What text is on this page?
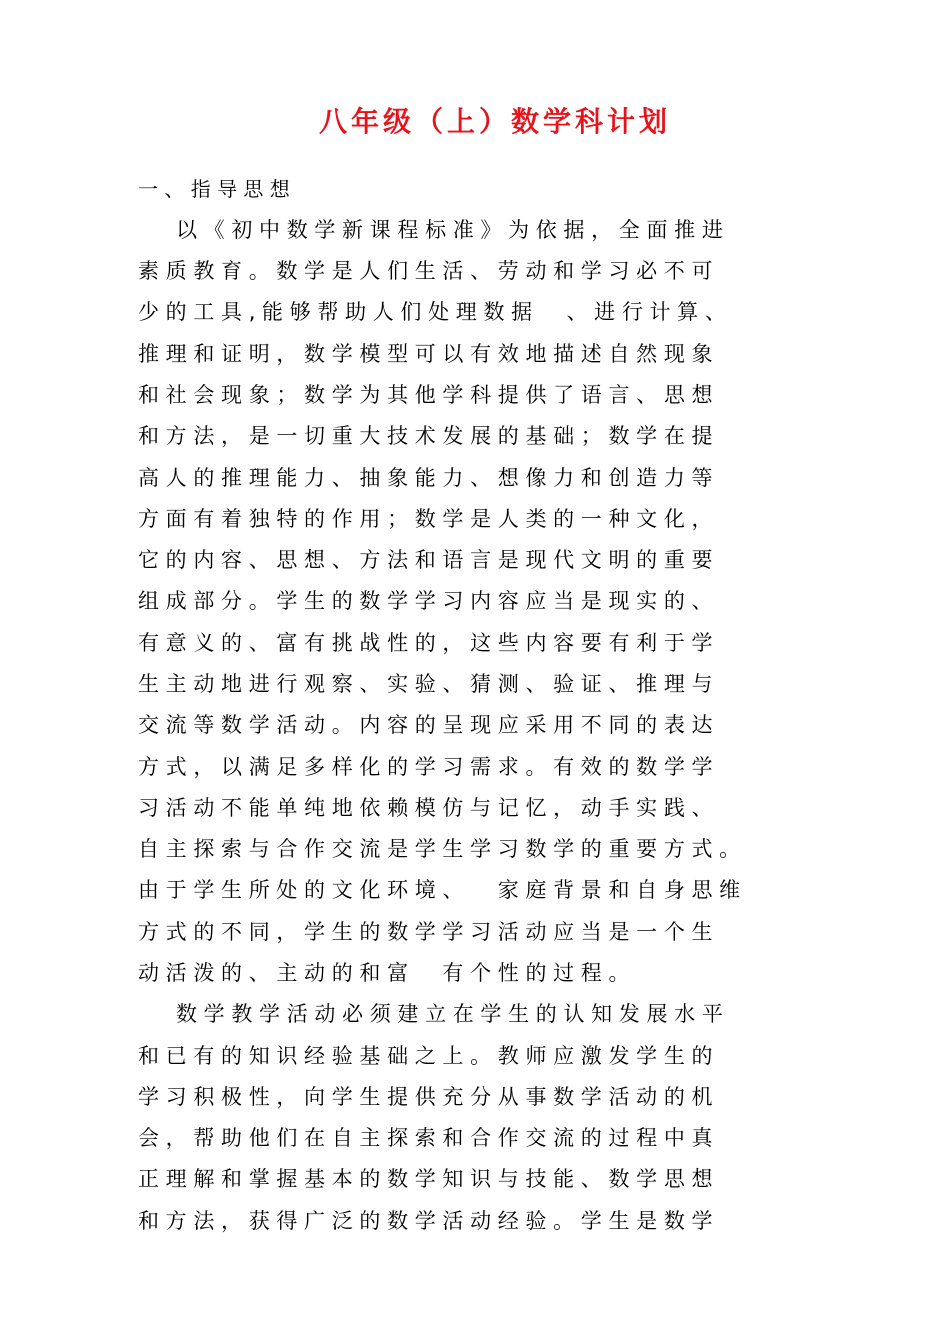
八年级（上）数学科计划
一 、 指 导 思 想
以 《 初 中 数 学 新 课 程 标 准 》 为 依 据 ， 全 面 推 进
素 质 教 育 。 数 学 是 人 们 生 活 、 劳 动 和 学 习 必 不 可
少 的 工 具 , 能 够 帮 助 人 们 处 理 数 据 　 、 进 行 计 算 、
推 理 和 证 明 ， 数 学 模 型 可 以 有 效 地 描 述 自 然 现 象
和 社 会 现 象 ； 数 学 为 其 他 学 科 提 供 了 语 言 、 思 想
和 方 法 ， 是 一 切 重 大 技 术 发 展 的 基 础 ； 数 学 在 提
高 人 的 推 理 能 力 、 抽 象 能 力 、 想 像 力 和 创 造 力 等
方 面 有 着 独 特 的 作 用 ； 数 学 是 人 类 的 一 种 文 化 ，
它 的 内 容 、 思 想 、 方 法 和 语 言 是 现 代 文 明 的 重 要
组 成 部 分 。 学 生 的 数 学 学 习 内 容 应 当 是 现 实 的 、
有 意 义 的 、 富 有 挑 战 性 的 ， 这 些 内 容 要 有 利 于 学
生 主 动 地 进 行 观 察 、 实 验 、 猜 测 、 验 证 、 推 理 与
交 流 等 数 学 活 动 。 内 容 的 呈 现 应 采 用 不 同 的 表 达
方 式 ， 以 满 足 多 样 化 的 学 习 需 求 。 有 效 的 数 学 学
习 活 动 不 能 单 纯 地 依 赖 模 仿 与 记 忆 ， 动 手 实 践 、
自 主 探 索 与 合 作 交 流 是 学 生 学 习 数 学 的 重 要 方 式 。
由 于 学 生 所 处 的 文 化 环 境 、 　 家 庭 背 景 和 自 身 思 维
方 式 的 不 同 ， 学 生 的 数 学 学 习 活 动 应 当 是 一 个 生
动 活 泼 的 、 主 动 的 和 富 　 有 个 性 的 过 程 。
数 学 教 学 活 动 必 须 建 立 在 学 生 的 认 知 发 展 水 平
和 已 有 的 知 识 经 验 基 础 之 上 。 教 师 应 激 发 学 生 的
学 习 积 极 性 ， 向 学 生 提 供 充 分 从 事 数 学 活 动 的 机
会 ， 帮 助 他 们 在 自 主 探 索 和 合 作 交 流 的 过 程 中 真
正 理 解 和 掌 握 基 本 的 数 学 知 识 与 技 能 、 数 学 思 想
和 方 法 ， 获 得 广 泛 的 数 学 活 动 经 验 。 学 生 是 数 学
